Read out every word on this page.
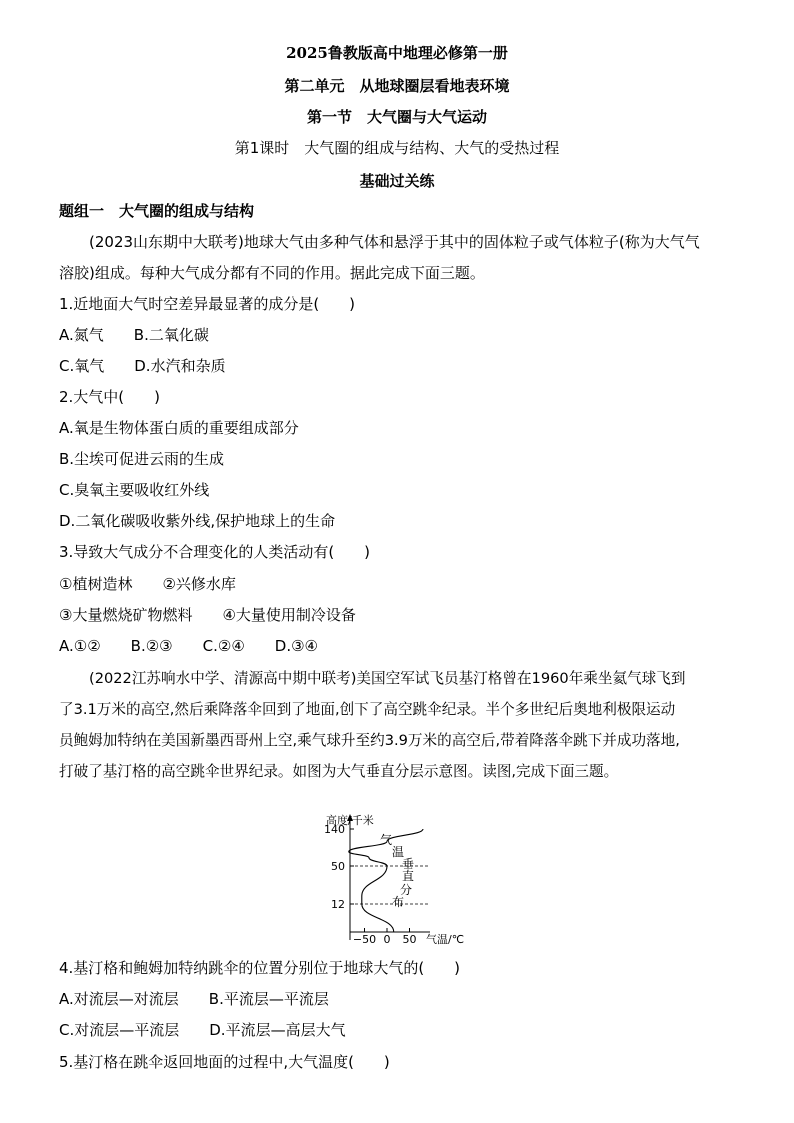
2025鲁教版高中地理必修第一册
第二单元　从地球圈层看地表环境
第一节　大气圈与大气运动
第1课时　大气圈的组成与结构、大气的受热过程
基础过关练
题组一　大气圈的组成与结构
(2023山东期中大联考)地球大气由多种气体和悬浮于其中的固体粒子或气体粒子(称为大气气
溶胶)组成。每种大气成分都有不同的作用。据此完成下面三题。
1.近地面大气时空差异最显著的成分是(　　)
A.氮气 B.二氧化碳
C.氧气 D.水汽和杂质
2.大气中(　　)
A.氧是生物体蛋白质的重要组成部分
B.尘埃可促进云雨的生成
C.臭氧主要吸收红外线
D.二氧化碳吸收紫外线,保护地球上的生命
3.导致大气成分不合理变化的人类活动有(　　)
①植树造林 ②兴修水库
③大量燃烧矿物燃料 ④大量使用制冷设备
A.①② B.②③ C.②④ D.③④
(2022江苏响水中学、清源高中期中联考)美国空军试飞员基汀格曾在1960年乘坐氦气球飞到
了3.1万米的高空,然后乘降落伞回到了地面,创下了高空跳伞纪录。半个多世纪后奥地利极限运动
员鲍姆加特纳在美国新墨西哥州上空,乘气球升至约3.9万米的高空后,带着降落伞跳下并成功落地,
打破了基汀格的高空跳伞世界纪录。如图为大气垂直分层示意图。读图,完成下面三题。
高度/千米
气温/℃
12
50
140
−50 0 50
气
温
垂
直
分
布
4.基汀格和鲍姆加特纳跳伞的位置分别位于地球大气的(　　)
A.对流层—对流层 B.平流层—平流层
C.对流层—平流层 D.平流层—高层大气
5.基汀格在跳伞返回地面的过程中,大气温度(　　)
